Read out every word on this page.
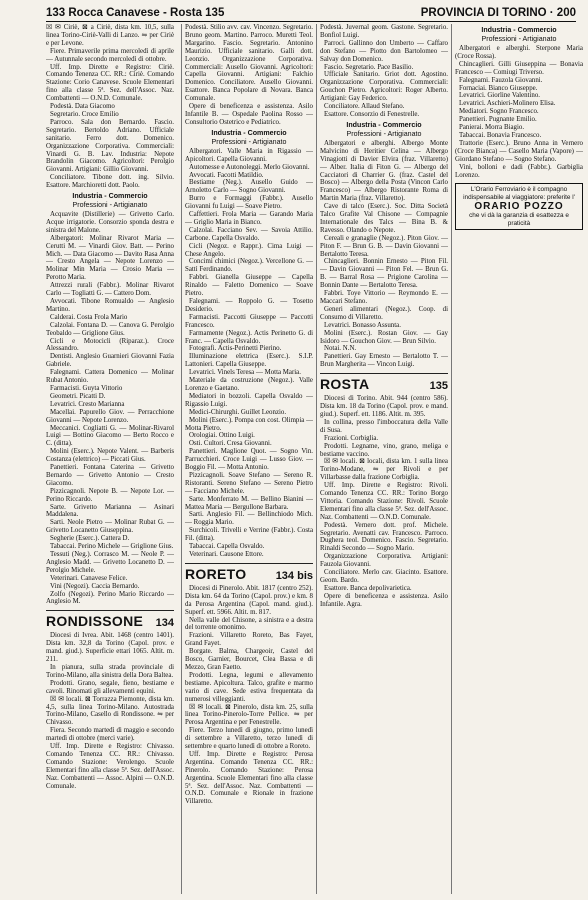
133 Rocca Canavese - Rosta 135	PROVINCIA DI TORINO · 200

☒ ✉ Ciriè, ⊠ a Ciriè, dista km. 10,5, sulla linea Torino-Ciriè-Valli di Lanzo. ⇋ per Ciriè e per Levone.

Fiere. Primaverile prima mercoledì di aprile — Autunnale secondo mercoledì di ottobre.

Uff. Imp. Dirette e Registro: Ciriè. Comando Tenenza CC. RR.: Ciriè. Comando Stazione: Corio Canavese. Scuole Elementari fino alla classe 5ª. Sez. dell'Assoc. Naz. Combattenti — O.N.D. Comunale.

Podestà. Data Giacomo

Segretario. Croce Emilio

Parroco. Sala don Bernardo. Fascio. Segretario. Bertoldo Adriano. Ufficiale sanitario. Ferro dott. Domenico. Organizzazione Corporativa. Commerciali: Vinardi G. B. Lav. Industria: Nepote Brandolin Giacomo. Agricoltori: Perolgio Giovanni. Artigiani: Gillio Giovanni.

Conciliatore. Tibone dott. ing. Silvio. Esattore. Marchioretti dott. Paolo.

Industria - Commercio
Professioni - Artigianato

Acquavite (Distillerie) — Grivetto Carlo. Acque irrigatorie. Consorzio sponda destra e sinistra del Malone.

Albergatori: Molinar Rivarot Maria — Cerutti M. — Vinardi Giov. Batt. — Perino Mich. — Data Giacomo — Davito Rasa Anna — Cresto Angela — Nepote Lorenzo — Molinar Min Maria — Crosio Maria — Perotto Maria.

Attrezzi rurali (Fabbr.). Molinar Rivarot Carlo — Togliatti G. — Cattero Dom.

Avvocati. Tibone Romualdo — Anglesio Martino.

Calderai. Costa Frola Mario

Calzolai. Fontana D. — Canova G. Perolgio Teobaldo — Griglione Gius.

Cicli e Motocicli (Riparaz.). Croce Alessandro.

Dentisti. Anglesio Guarnieri Giovanni Fazia Gabriele.

Falegnami. Cattera Domenico — Molinar Rubat Antonio.

Farmacisti. Guyta Vittorio

Geometri. Picatti D.

Levatrici. Cresto Marianna

Macellai. Papurello Giov. — Perracchione Giovanni — Nepote Lorenzo.

Meccanici. Cogliatti G. — Molinar-Rivarol Luigi — Bottino Giacomo — Berto Rocco e C. (ditta).

Molini (Eserc.). Nepote Valent. — Barberis Costanza (elettrico) — Piccati Gius.

Panettieri. Fontana Caterina — Grivetto Bernardo — Grivetto Antonio — Cresto Giacomo.

Pizzicagnoli. Nepote B. — Nepote Lor. — Perino Riccardo.

Sarte. Grivetto Marianna — Asinari Maddalena.

Sarti. Neole Pietro — Molinar Rubat G. — Grivetto Locanetto Giuseppina.

Segherie (Eserc.). Cattera D.

Tabaccai. Perino Michele — Griglione Gius.

Tessuti (Neg.). Corrasco M. — Neole P. — Anglesio Madd. — Grivetto Locanetto D. — Perolgio Michele.

Veterinari. Canavese Felice.

Vini (Negozi). Caccia Bernardo.

Zolfo (Negozi). Perino Mario Riccardo — Anglesio M.

RONDISSONE 134

Diocesi di Ivrea. Abit. 1468 (centro 1401). Dista km. 32,8 da Torino (Capol. prov. e mand. giud.). Superficie ettari 1065. Altit. m. 211.

In pianura, sulla strada provinciale di Torino-Milano, alla sinistra della Dora Baltea.

Prodotti. Grano, segale, fieno, bestiame e cavoli. Rinomati gli allevamenti equini.

☒ ✉ locali. ⊠ Torrazza Piemonte, dista km. 4,5, sulla linea Torino-Milano. Autostrada Torino-Milano, Casello di Rondissone. ⇋ per Chivasso.

Fiera. Secondo martedì di maggio e secondo martedì di ottobre (merci varie).

Uff. Imp. Dirette e Registro: Chivasso. Comando Tenenza CC. RR.: Chivasso. Comando Stazione: Verolengo. Scuole Elementari fino alla classe 5ª. Sez. dell'Assoc. Naz. Combattenti — Assoc. Alpini — O.N.D. Comunale.

Podestà. Stilio avv. cav. Vincenzo. Segretario. Bruno geom. Martino. Parroco. Muretti Teol. Margarino. Fascio. Segretario. Antonino Maurizio. Ufficiale sanitario. Galli dott. Leonzio. Organizzazione Corporativa. Commerciali: Ausello Giovanni. Agricoltori: Capella Giovanni. Artigiani: Falchio Domenico. Conciliatore. Ausello Giovanni. Esattore. Banca Popolare di Novara. Banca Comunale.

Opere di beneficenza e assistenza. Asilo Infantile B. — Ospedale Paolina Rosso — Consultorio Ostetrico e Pediatrico.

Industria - Commercio
Professioni - Artigianato

Albergatori. Valle Maria in Rigassio — Apicoltori. Capella Giovanni.

Automesse e Autonoleggi. Merlo Giovanni.

Avvocati. Facotti Matildio.

Bestiame (Neg.). Ausello Guido — Arnoletto Carlo — Sogno Giovanni.

Burro e Formaggi (Fabbr.). Ausello Giovanni fu Luigi — Soave Pietro.

Caffettieri. Frola Maria — Garando Maria — Griglio Maria in Bianco.

Calzolai. Facciano Sev. — Savoia Attilio. Carbone. Capella Osvaldo.

Cicli (Negoz. e Rappr.). Cima Luigi — Chese Angelo.

Concimi chimici (Negoz.). Vercellone G. — Sattì Ferdinando.

Fabbri. Gianella Giuseppe — Capella Rinaldo — Faletto Domenico — Soave Pietro.

Falegnami. — Roppolo G. — Tosetto Desiderio.

Farmacisti. Paccotti Giuseppe — Paccotti Francesco.

Farmamente (Negoz.). Actis Perinetto G. di Franc. — Capella Osvaldo.

Fotografi. Actis-Perinetti Pierino.

Illuminazione elettrica (Eserc.). S.I.P. Lattonieri. Capella Giuseppe.

Levatrici. Vinels Teresa — Motta Maria.

Materiale da costruzione (Negoz.). Valle Lorenzo e Gaetano.

Mediatori in bozzoli. Capella Osvaldo — Rigassio Luigi.

Medici-Chirurghi. Guillet Leonzio.

Molini (Eserc.). Pompa con cost. Olimpia — Motta Pietro.

Orologiai. Ottino Luigi.

Osti. Cultori. Cresa Giovanni.

Panettieri. Maglione Quot. — Sogno Vin. Parrucchieri. Croce Luigi — Lusso Giov. — Boggio Fil. — Motta Antonio.

Pizzicagnoli. Soave Stefano — Sereno R. Ristoranti. Sereno Stefano — Sereno Pietro — Facciano Michele.

Sarte. Monferrato M. — Bellino Bianini — Mattea Maria — Bergullone Barbara.

Sarti. Anglesio Fil. — Bellinchiodo Mich. — Roggia Mario.

Surchicoli. Trivelli e Verrine (Fabbr.). Costa Fil. (ditta).

Tabaccai. Capella Osvaldo.

Veterinari. Causone Ettore.

RORETO	134 bis

Diocesi di Pinerolo. Abit. 1817 (centro 252). Dista km. 64 da Torino (Capol. prov.) e km. 8 da Perosa Argentina (Capol. mand. giud.). Superf. ett. 5966. Altit. m. 817.

Nella valle del Chisone, a sinistra e a destra del torrente omonimo.

Frazioni. Villaretto Roreto, Bas Fayet, Grand Fayet.

Borgate. Balma, Chargeoir, Castel del Bosco, Garnier, Bourcet, Clea Bassa e di Mezzo, Gran Faetto.

Prodotti. Legna, legumi e allevamento bestiame. Apicoltura. Talco, grafite e marmo vario di cave. Sede estiva frequentata da numerosi villeggianti.

☒ ✉ locali. ⊠ Pinerolo, dista km. 25, sulla linea Torino-Pinerolo-Torre Pellice. ⇋ per Perosa Argentina e per Fenestrelle.

Fiere. Terzo lunedì di giugno, primo lunedì di settembre a Villaretto, terzo lunedì di settembre e quarto lunedì di ottobre a Roreto.

Uff. Imp. Dirette e Registro: Perosa Argentina. Comando Tenenza CC. RR.: Pinerolo. Comando Stazione: Perosa Argentina. Scuole Elementari fino alla classe 5ª. Sez. dell'Assoc. Naz. Combattenti — O.N.D. Comunale e Rionale in frazione Villaretto.

Podestà. Juvernal geom. Gastone. Segretario. Bonfiol Luigi.

Parroci. Gallinno don Umberto — Caffaro don Stefano — Piotto don Bartolomeo — Salvay don Domenico.

Fascio. Segretario. Pace Basilio.

Ufficiale Sanitario. Griot dott. Agostino. Organizzazione Corporativa. Commerciali: Gouchon Pietro. Agricoltori: Roger Alberto. Artigiani: Gay Federico.

Conciliatore. Allaud Stefano.

Esattore. Consorzio di Fenestrelle.

Industria - Commercio
Professioni - Artigianato

Albergatori e alberghi. Albergo Monte Malvicino di Heritier Celina — Albergo Vinagiotti di Davier Elvira (fraz. Villaretto) — Alber. Italia di Fiton G. — Albergo del Cacciatori di Charrier G. (fraz. Castel del Bosco) — Albergo della Posta (Vincon Carlo Francesco) — Albergo Ristorante Roma di Martin Maria (fraz. Villaretto).

Cave di talco (Eserc.). Soc. Ditta Società Talco Grafite Val Chisone — Compagnie Internationale des Talcs — Bina B. & Ravesso. Olando o Nepote.

Cereali e granaglie (Negoz.). Piton Giov. — Piton F. — Brun G. B. — Davin Giovanni — Bertalotto Teresa.

Chincaglieri. Bonnin Ernesto — Piton Fil. — Davin Giovanni — Piton Fel. — Brun G. B. — Barral Rosa — Prigione Carolina — Bonnin Dante — Bertalotto Teresa.

Fabbri. Toye Vittorio — Reymondo E. — Maccari Stefano.

Generi alimentari (Negoz.). Coop. di Consumo di Villaretto.

Levatrici. Bonasso Assunta.

Molini (Eserc.). Rostan Giov. — Gay Isidoro — Gouchon Giov. — Brun Silvio.

Notai. N.N.

Panettieri. Gay Ernesto — Bertalotto T. — Brun Margherita — Vincon Luigi.

ROSTA	135

Diocesi di Torino. Abit. 944 (centro 586). Dista km. 18 da Torino (Capol. prov. e mand. giud.). Superf. ett. 1186. Altit. m. 395.

In collina, presso l'imboccatura della Valle di Susa.

Frazioni. Corbiglia.

Prodotti. Legname, vino, grano, meliga e bestiame vaccino.

☒ ✉ locali. ⊠ locali, dista km. 1 sulla linea Torino-Modane, ⇋ per Rivoli e per Villarbasse dalla frazione Corbiglia.

Uff. Imp. Dirette e Registro: Rivoli. Comando Tenenza CC. RR.: Torino Borgo Vittoria. Comando Stazione: Rivoli. Scuole Elementari fino alla classe 5ª. Sez. dell'Assoc. Naz. Combattenti — O.N.D. Comunale.

Podestà. Vernero dott. prof. Michele. Segretario. Avenatti cav. Francesco. Parroco. Dughera teol. Domenico. Fascio. Segretario. Rinaldi Secondo — Sogno Mario.

Organizzazione Corporativa. Artigiani: Fauzola Giovanni.

Conciliatore. Merlo cav. Giacinto. Esattore. Geom. Bardo.

Esattore. Banca depolivarietica.

Opere di beneficenza e assistenza. Asilo Infantile. Agra.

Industria - Commercio
Professioni - Artigianato

Albergatori e alberghi. Sterpone Maria (Croce Rossa).

Chincaglieri. Gilli Giuseppina — Bonavia Francesco — Comiugi Triverso.

Falegnami. Fauzola Giovanni.

Fornaciai. Bianco Giuseppe.

Levatrici. Giorline Valentino.

Levatrici. Aschieri-Molinero Elisa.

Mediatori. Sogno Francesco.

Panettieri. Pugnante Emilio.

Panierai. Morra Biagio.

Tabaccai. Bonavia Francesco.

Trattorie (Eserc.). Bruno Anna in Vernero (Croce Bianca) — Casello Maria (Vapore) — Giordano Stefano — Sogno Stefano.

Vini, bolloni e dadi (Fabbr.). Garbiglia Lorenzo.

L'Orario Ferroviario è il compagno indispensabile al viaggiatore: preferite l'
ORARIO POZZO
che vi dà la garanzia di esattezza e praticità
